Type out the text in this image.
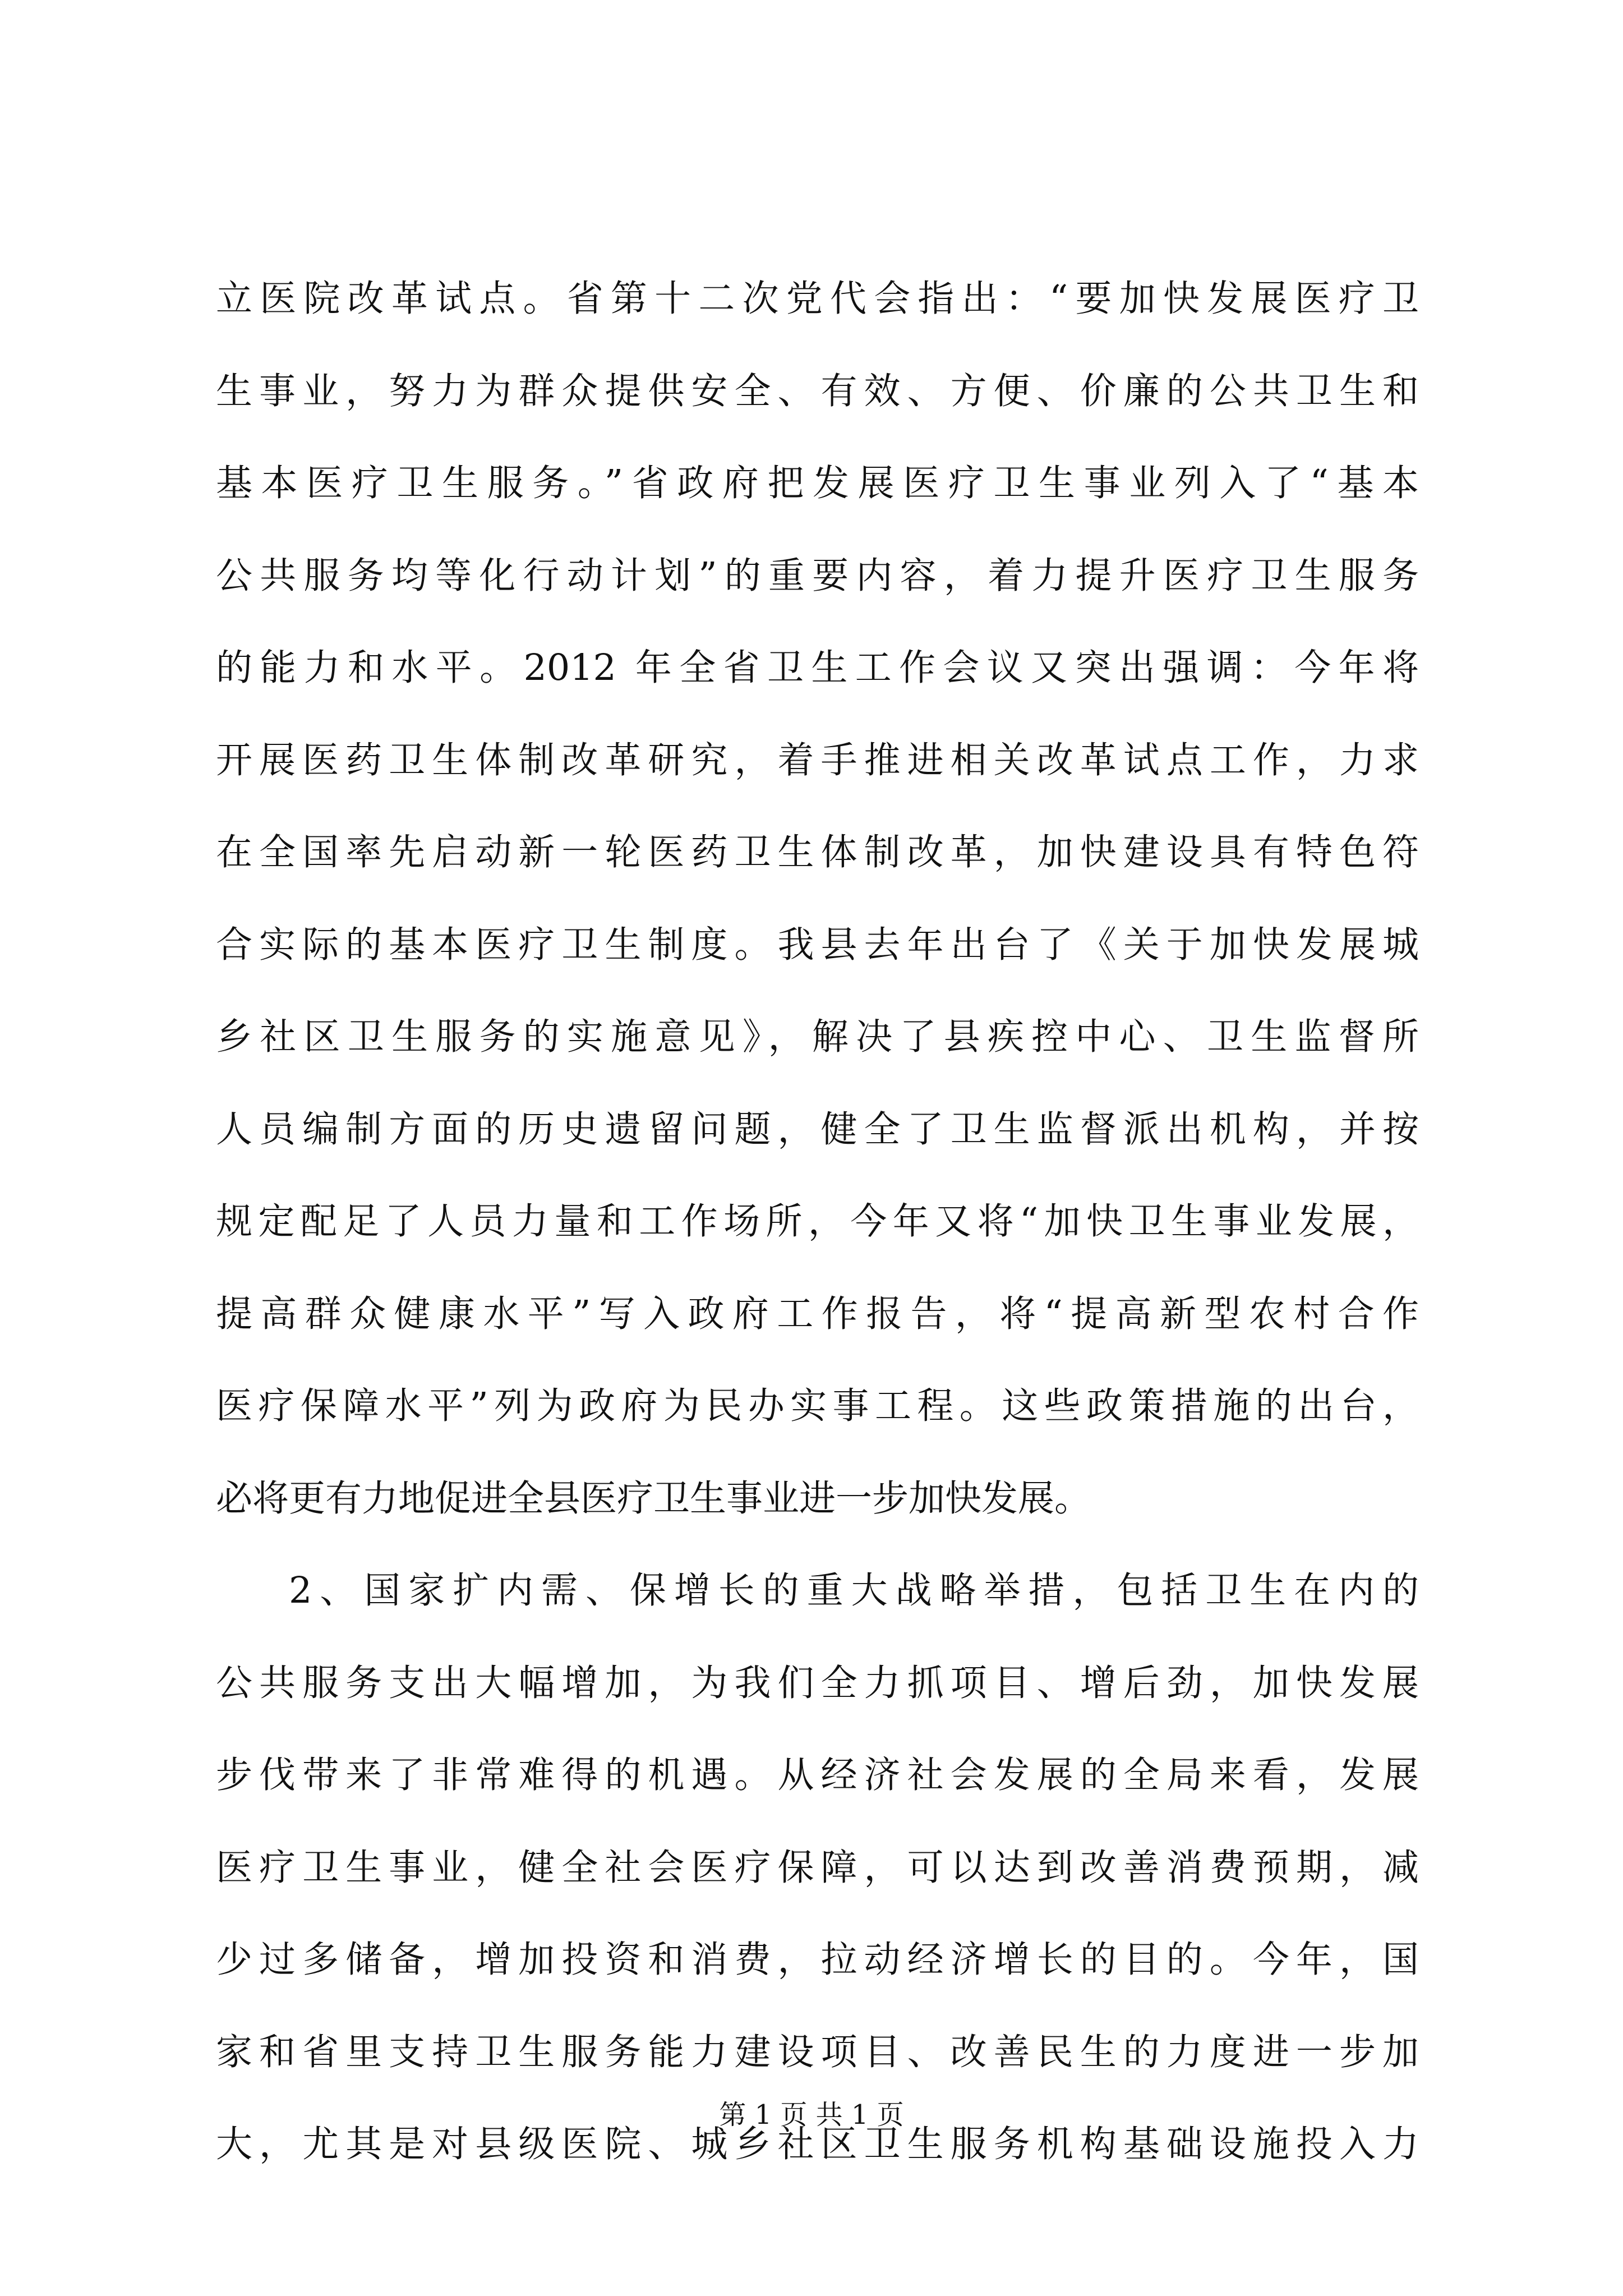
立医院改革试点。省第十二次党代会指出：“要加快发展医疗卫
生事业，努力为群众提供安全、有效、方便、价廉的公共卫生和
基本医疗卫生服务。”省政府把发展医疗卫生事业列入了“基本
公共服务均等化行动计划”的重要内容，着力提升医疗卫生服务
的能力和水平。2012 年全省卫生工作会议又突出强调：今年将
开展医药卫生体制改革研究，着手推进相关改革试点工作，力求
在全国率先启动新一轮医药卫生体制改革，加快建设具有特色符
合实际的基本医疗卫生制度。我县去年出台了《关于加快发展城
乡社区卫生服务的实施意见》，解决了县疾控中心、卫生监督所
人员编制方面的历史遗留问题，健全了卫生监督派出机构，并按
规定配足了人员力量和工作场所，今年又将“加快卫生事业发展，
提高群众健康水平”写入政府工作报告，将“提高新型农村合作
医疗保障水平”列为政府为民办实事工程。这些政策措施的出台，
必将更有力地促进全县医疗卫生事业进一步加快发展。
2、国家扩内需、保增长的重大战略举措，包括卫生在内的
公共服务支出大幅增加，为我们全力抓项目、增后劲，加快发展
步伐带来了非常难得的机遇。从经济社会发展的全局来看，发展
医疗卫生事业，健全社会医疗保障，可以达到改善消费预期，减
少过多储备，增加投资和消费，拉动经济增长的目的。今年，国
家和省里支持卫生服务能力建设项目、改善民生的力度进一步加
大，尤其是对县级医院、城乡社区卫生服务机构基础设施投入力
第 1 页 共 1 页
